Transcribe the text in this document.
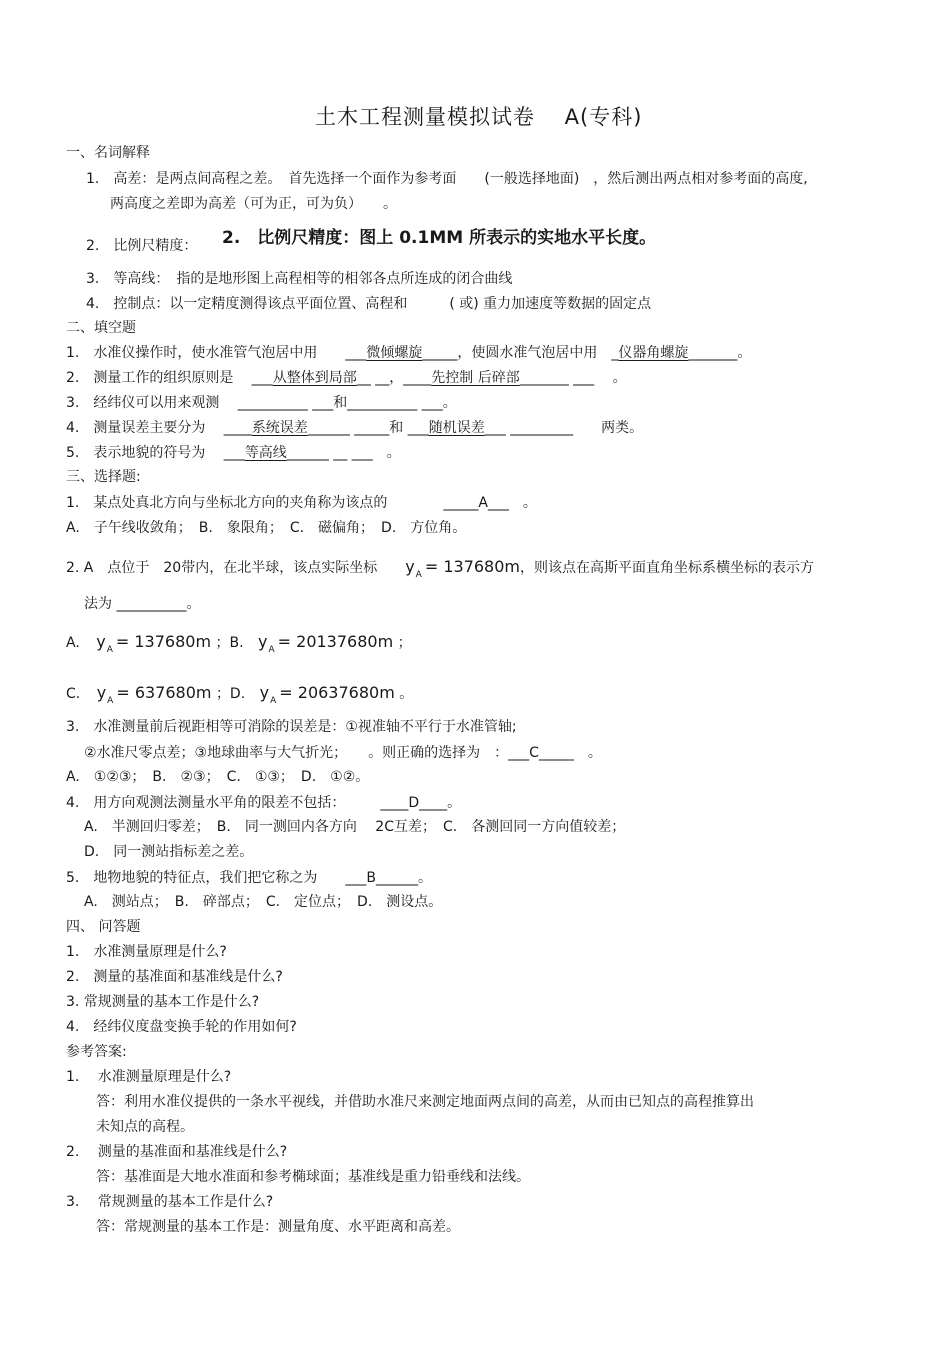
土木工程测量模拟试卷　 A(专科)
一、名词解释
1.　高差：是两点间高程之差。　首先选择一个面作为参考面　　(一般选择地面)　，然后测出两点相对参考面的高度,
两高度之差即为高差（可为正，可为负）　　。
2.　比例尺精度： 2.　比例尺精度：图上 0.1MM 所表示的实地水平长度。
3.　等高线：　指的是地形图上高程相等的相邻各点所连成的闭合曲线
4.　控制点：以一定精度测得该点平面位置、高程和　　　( 或) 重力加速度等数据的固定点
二、填空题
1.　水准仪操作时，使水准管气泡居中用　　___微倾螺旋_____，使圆水准气泡居中用　_仪器角螺旋_______。
2.　测量工作的组织原则是　 ___从整体到局部__ __，____先控制 后碎部_______ ___　 。
3.　经纬仪可以用来观测　 __________ ___和__________ ___。
4.　测量误差主要分为　 ____系统误差______ _____和 ___随机误差___ _________　　两类。
5.　表示地貌的符号为　 ___等高线______ __ ___　。
三、选择题:
1.　某点处真北方向与坐标北方向的夹角称为该点的　　　　_____A___　。
A.　子午线收敛角；　B.　象限角；　C.　磁偏角；　D.　方位角。
2. A　点位于　20带内，在北半球，该点实际坐标　　$y_A = 137680m$，则该点在高斯平面直角坐标系横坐标的表示方
法为 __________。
A. $y_A = 137680m$ ；B. $y_A = 20137680m$ ；
C. $y_A = 637680m$ ；D. $y_A = 20637680m$ 。
3.　水准测量前后视距相等可消除的误差是：①视准轴不平行于水准管轴;
②水准尺零点差；③地球曲率与大气折光；　　。则正确的选择为　：___C_____　。
A.　①②③；　B.　②③；　C.　①③；　D.　①②。
4.　用方向观测法测量水平角的限差不包括：　　　____D____。
A.　半测回归零差；　B.　同一测回内各方向　 2C互差；　C.　各测回同一方向值较差；
D.　同一测站指标差之差。
5.　地物地貌的特征点，我们把它称之为　　___B______。
A.　测站点；　B.　碎部点；　C.　定位点；　D.　测设点。
四、 问答题
1.　水准测量原理是什么?
2.　测量的基准面和基准线是什么?
3. 常规测量的基本工作是什么?
4.　经纬仪度盘变换手轮的作用如何?
参考答案:
1.　 水准测量原理是什么?
答：利用水准仪提供的一条水平视线，并借助水准尺来测定地面两点间的高差，从而由已知点的高程推算出
未知点的高程。
2.　 测量的基准面和基准线是什么?
答：基准面是大地水准面和参考椭球面；基准线是重力铅垂线和法线。
3.　 常规测量的基本工作是什么?
答：常规测量的基本工作是：测量角度、水平距离和高差。
